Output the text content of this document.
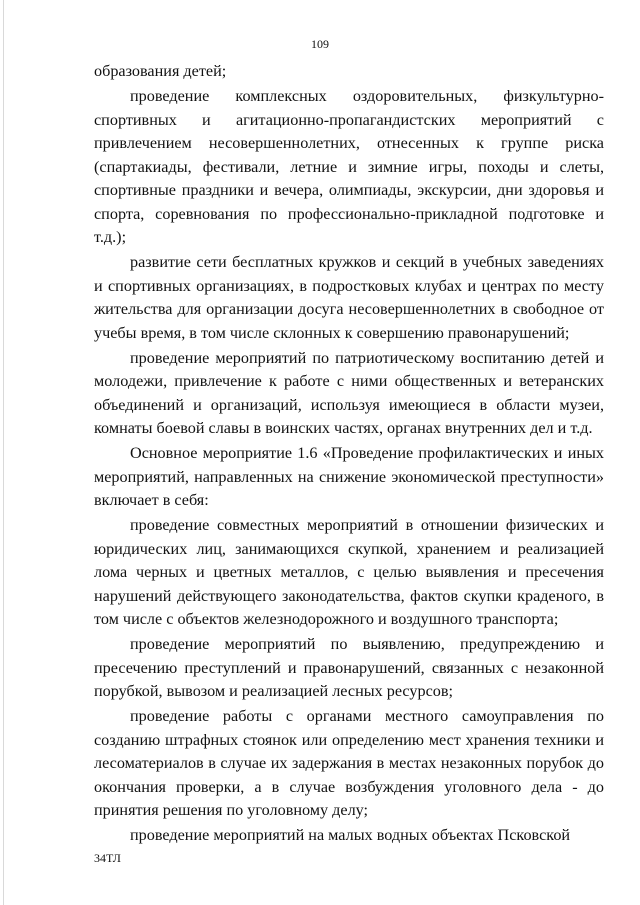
109

образования детей;

проведение комплексных оздоровительных, физкультурно-спортивных и агитационно-пропагандистских мероприятий с привлечением несовершеннолетних, отнесенных к группе риска (спартакиады, фестивали, летние и зимние игры, походы и слеты, спортивные праздники и вечера, олимпиады, экскурсии, дни здоровья и спорта, соревнования по профессионально-прикладной подготовке и т.д.);

развитие сети бесплатных кружков и секций в учебных заведениях и спортивных организациях, в подростковых клубах и центрах по месту жительства для организации досуга несовершеннолетних в свободное от учебы время, в том числе склонных к совершению правонарушений;

проведение мероприятий по патриотическому воспитанию детей и молодежи, привлечение к работе с ними общественных и ветеранских объединений и организаций, используя имеющиеся в области музеи, комнаты боевой славы в воинских частях, органах внутренних дел и т.д.

Основное мероприятие 1.6 «Проведение профилактических и иных мероприятий, направленных на снижение экономической преступности» включает в себя:

проведение совместных мероприятий в отношении физических и юридических лиц, занимающихся скупкой, хранением и реализацией лома черных и цветных металлов, с целью выявления и пресечения нарушений действующего законодательства, фактов скупки краденого, в том числе с объектов железнодорожного и воздушного транспорта;

проведение мероприятий по выявлению, предупреждению и пресечению преступлений и правонарушений, связанных с незаконной порубкой, вывозом и реализацией лесных ресурсов;

проведение работы с органами местного самоуправления по созданию штрафных стоянок или определению мест хранения техники и лесоматериалов в случае их задержания в местах незаконных порубок до окончания проверки, а в случае возбуждения уголовного дела - до принятия решения по уголовному делу;

проведение мероприятий на малых водных объектах Псковской

34ТЛ
